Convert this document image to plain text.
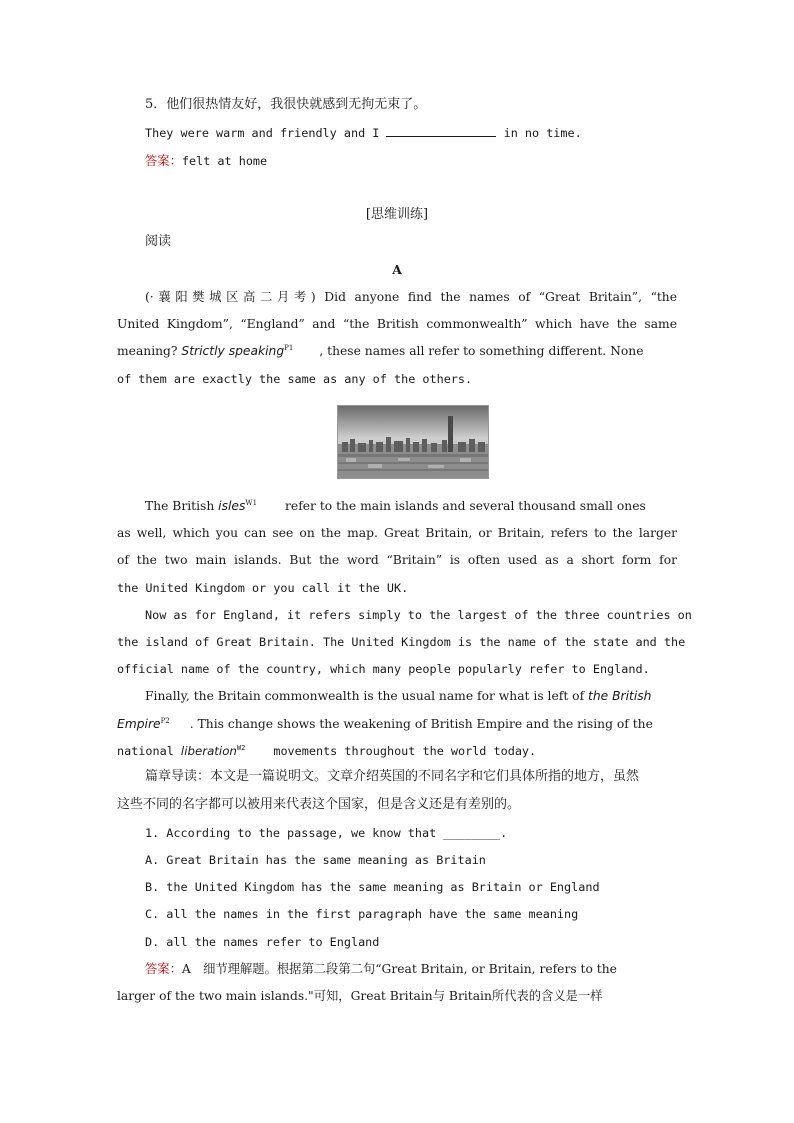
5．他们很热情友好，我很快就感到无拘无束了。
They were warm and friendly and I	in no time.
答案：felt at home
[思维训练]
阅读
A
(·襄阳樊城区高二月考) Did anyone find the names of “Great Britain”, “the
United Kingdom”, “England” and “the British commonwealth” which have the same
meaning? Strictly speaking$^{P1}$ , these names all refer to something different. None
of them are exactly the same as any of the others.
The British isles$^{W1}$ refer to the main islands and several thousand small ones
as well, which you can see on the map. Great Britain, or Britain, refers to the larger
of the two main islands. But the word “Britain” is often used as a short form for
the United Kingdom or you call it the UK.
Now as for England, it refers simply to the largest of the three countries on
the island of Great Britain. The United Kingdom is the name of the state and the
official name of the country, which many people popularly refer to England.
Finally, the Britain commonwealth is the usual name for what is left of the British
Empire$^{P2}$ . This change shows the weakening of British Empire and the rising of the
national liberation$^{W2}$ movements throughout the world today.
篇章导读：本文是一篇说明文。文章介绍英国的不同名字和它们具体所指的地方，虽然
这些不同的名字都可以被用来代表这个国家，但是含义还是有差别的。
1. According to the passage, we know that ________.
A. Great Britain has the same meaning as Britain
B. the United Kingdom has the same meaning as Britain or England
C. all the names in the first paragraph have the same meaning
D. all the names refer to England
答案：A　细节理解题。根据第二段第二句“Great Britain, or Britain, refers to the
larger of the two main islands."可知，Great Britain与 Britain所代表的含义是一样
